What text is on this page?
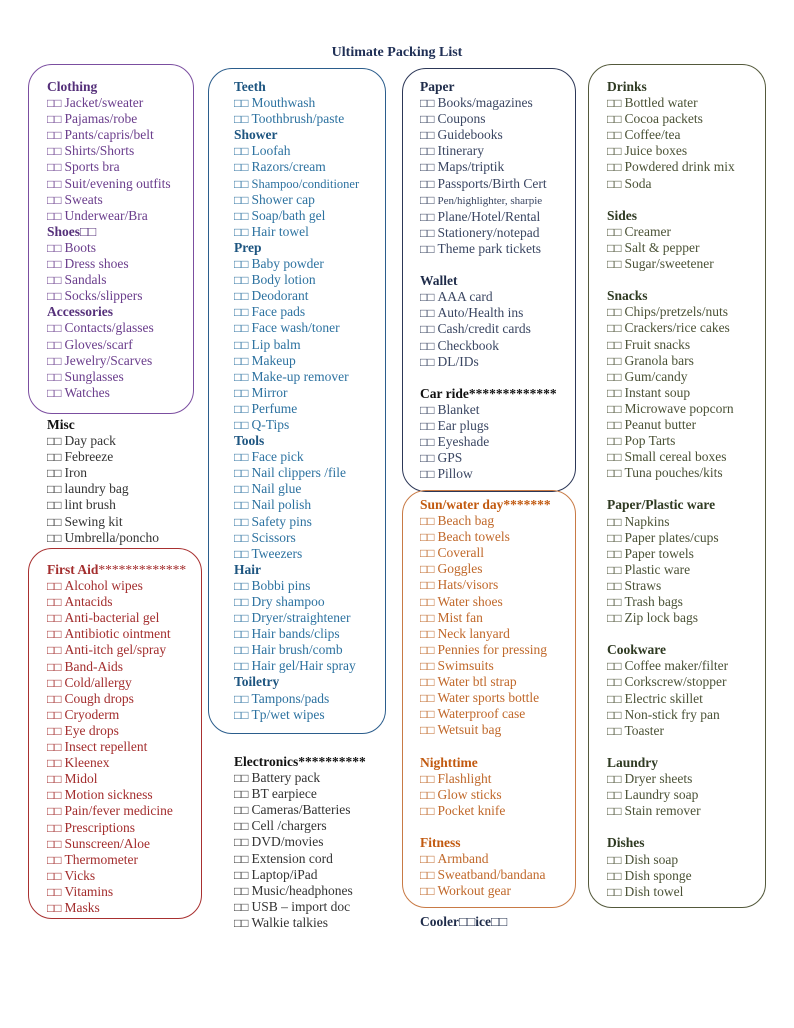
Ultimate Packing List
Clothing
□□ Jacket/sweater
□□ Pajamas/robe
□□ Pants/capris/belt
□□ Shirts/Shorts
□□ Sports bra
□□ Suit/evening outfits
□□ Sweats
□□ Underwear/Bra
Shoes□□
□□ Boots
□□ Dress shoes
□□ Sandals
□□ Socks/slippers
Accessories
□□ Contacts/glasses
□□ Gloves/scarf
□□ Jewelry/Scarves
□□ Sunglasses
□□ Watches
Misc
□□ Day pack
□□ Febreeze
□□ Iron
□□ laundry bag
□□ lint brush
□□ Sewing kit
□□ Umbrella/poncho
First Aid*************
□□ Alcohol wipes
□□ Antacids
□□ Anti-bacterial gel
□□ Antibiotic ointment
□□ Anti-itch gel/spray
□□ Band-Aids
□□ Cold/allergy
□□ Cough drops
□□ Cryoderm
□□ Eye drops
□□ Insect repellent
□□ Kleenex
□□ Midol
□□ Motion sickness
□□ Pain/fever medicine
□□ Prescriptions
□□ Sunscreen/Aloe
□□ Thermometer
□□ Vicks
□□ Vitamins
□□ Masks
Teeth
□□ Mouthwash
□□ Toothbrush/paste
Shower
□□ Loofah
□□ Razors/cream
□□ Shampoo/conditioner
□□ Shower cap
□□ Soap/bath gel
□□ Hair towel
Prep
□□ Baby powder
□□ Body lotion
□□ Deodorant
□□ Face pads
□□ Face wash/toner
□□ Lip balm
□□ Makeup
□□ Make-up remover
□□ Mirror
□□ Perfume
□□ Q-Tips
Tools
□□ Face pick
□□ Nail clippers /file
□□ Nail glue
□□ Nail polish
□□ Safety pins
□□ Scissors
□□ Tweezers
Hair
□□ Bobbi pins
□□ Dry shampoo
□□ Dryer/straightener
□□ Hair bands/clips
□□ Hair brush/comb
□□ Hair gel/Hair spray
Toiletry
□□ Tampons/pads
□□ Tp/wet wipes
Electronics**********
□□ Battery pack
□□ BT earpiece
□□ Cameras/Batteries
□□ Cell /chargers
□□ DVD/movies
□□ Extension cord
□□ Laptop/iPad
□□ Music/headphones
□□ USB – import doc
□□ Walkie talkies
Paper
□□ Books/magazines
□□ Coupons
□□ Guidebooks
□□ Itinerary
□□ Maps/triptik
□□ Passports/Birth Cert
□□ Pen/highlighter, sharpie
□□ Plane/Hotel/Rental
□□ Stationery/notepad
□□ Theme park tickets
Wallet
□□ AAA card
□□ Auto/Health ins
□□ Cash/credit cards
□□ Checkbook
□□ DL/IDs
Car ride*************
□□ Blanket
□□ Ear plugs
□□ Eyeshade
□□ GPS
□□ Pillow
Sun/water day*******
□□ Beach bag
□□ Beach towels
□□ Coverall
□□ Goggles
□□ Hats/visors
□□ Water shoes
□□ Mist fan
□□ Neck lanyard
□□ Pennies for pressing
□□ Swimsuits
□□ Water btl strap
□□ Water sports bottle
□□ Waterproof case
□□ Wetsuit bag
Nighttime
□□ Flashlight
□□ Glow sticks
□□ Pocket knife
Fitness
□□ Armband
□□ Sweatband/bandana
□□ Workout gear
Cooler□□ice□□
Drinks
□□ Bottled water
□□ Cocoa packets
□□ Coffee/tea
□□ Juice boxes
□□ Powdered drink mix
□□ Soda
Sides
□□ Creamer
□□ Salt & pepper
□□ Sugar/sweetener
Snacks
□□ Chips/pretzels/nuts
□□ Crackers/rice cakes
□□ Fruit snacks
□□ Granola bars
□□ Gum/candy
□□ Instant soup
□□ Microwave popcorn
□□ Peanut butter
□□ Pop Tarts
□□ Small cereal boxes
□□ Tuna pouches/kits
Paper/Plastic ware
□□ Napkins
□□ Paper plates/cups
□□ Paper towels
□□ Plastic ware
□□ Straws
□□ Trash bags
□□ Zip lock bags
Cookware
□□ Coffee maker/filter
□□ Corkscrew/stopper
□□ Electric skillet
□□ Non-stick fry pan
□□ Toaster
Laundry
□□ Dryer sheets
□□ Laundry soap
□□ Stain remover
Dishes
□□ Dish soap
□□ Dish sponge
□□ Dish towel
